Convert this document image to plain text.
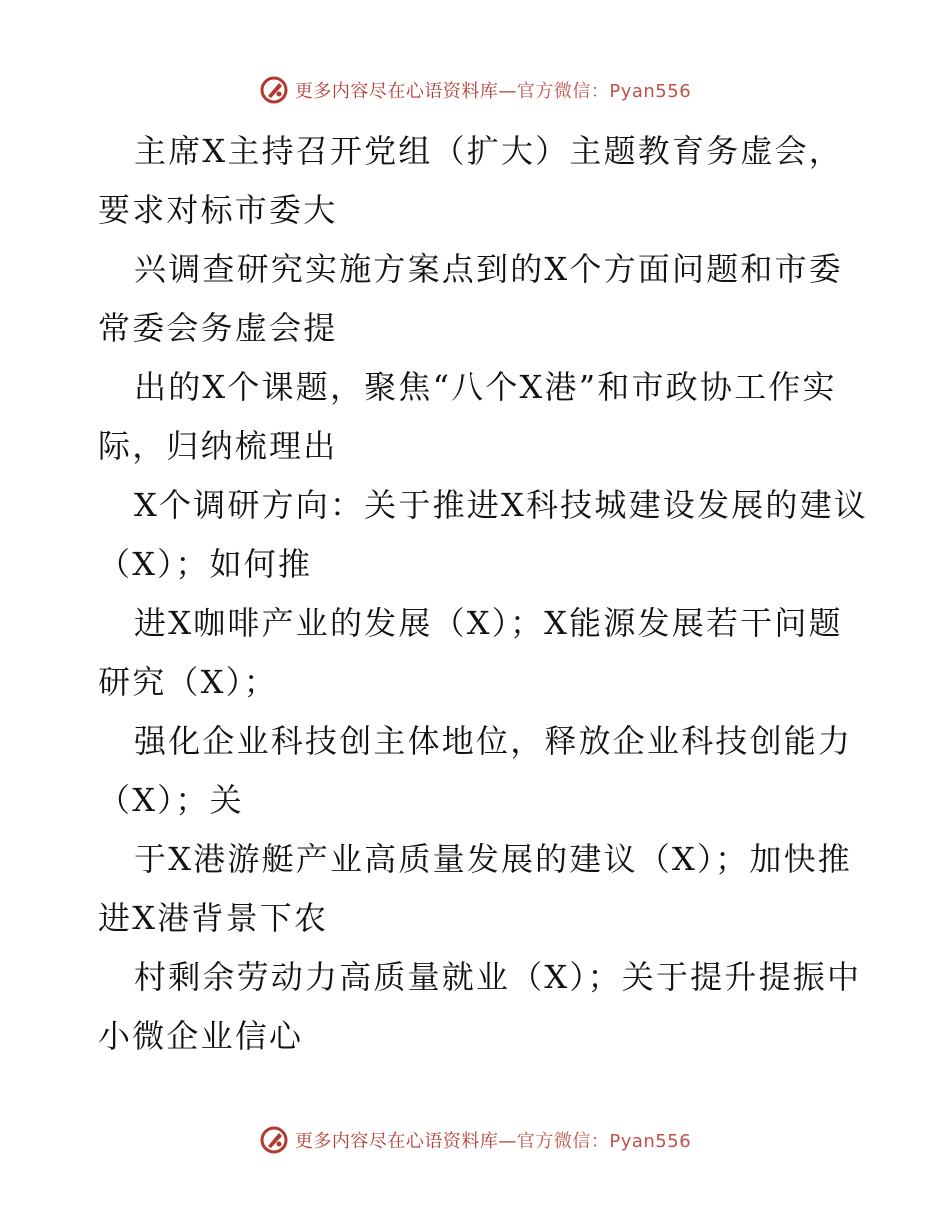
更多内容尽在心语资料库—官方微信：Pyan556

主席X主持召开党组（扩大）主题教育务虚会，要求对标市委大

兴调查研究实施方案点到的X个方面问题和市委常委会务虚会提

出的X个课题，聚焦“八个X港”和市政协工作实际，归纳梳理出

X个调研方向：关于推进X科技城建设发展的建议（X）；如何推

进X咖啡产业的发展（X）；X能源发展若干问题研究（X）；

强化企业科技创主体地位，释放企业科技创能力（X）；关

于X港游艇产业高质量发展的建议（X）；加快推进X港背景下农

村剩余劳动力高质量就业（X）；关于提升提振中小微企业信心

更多内容尽在心语资料库—官方微信：Pyan556
